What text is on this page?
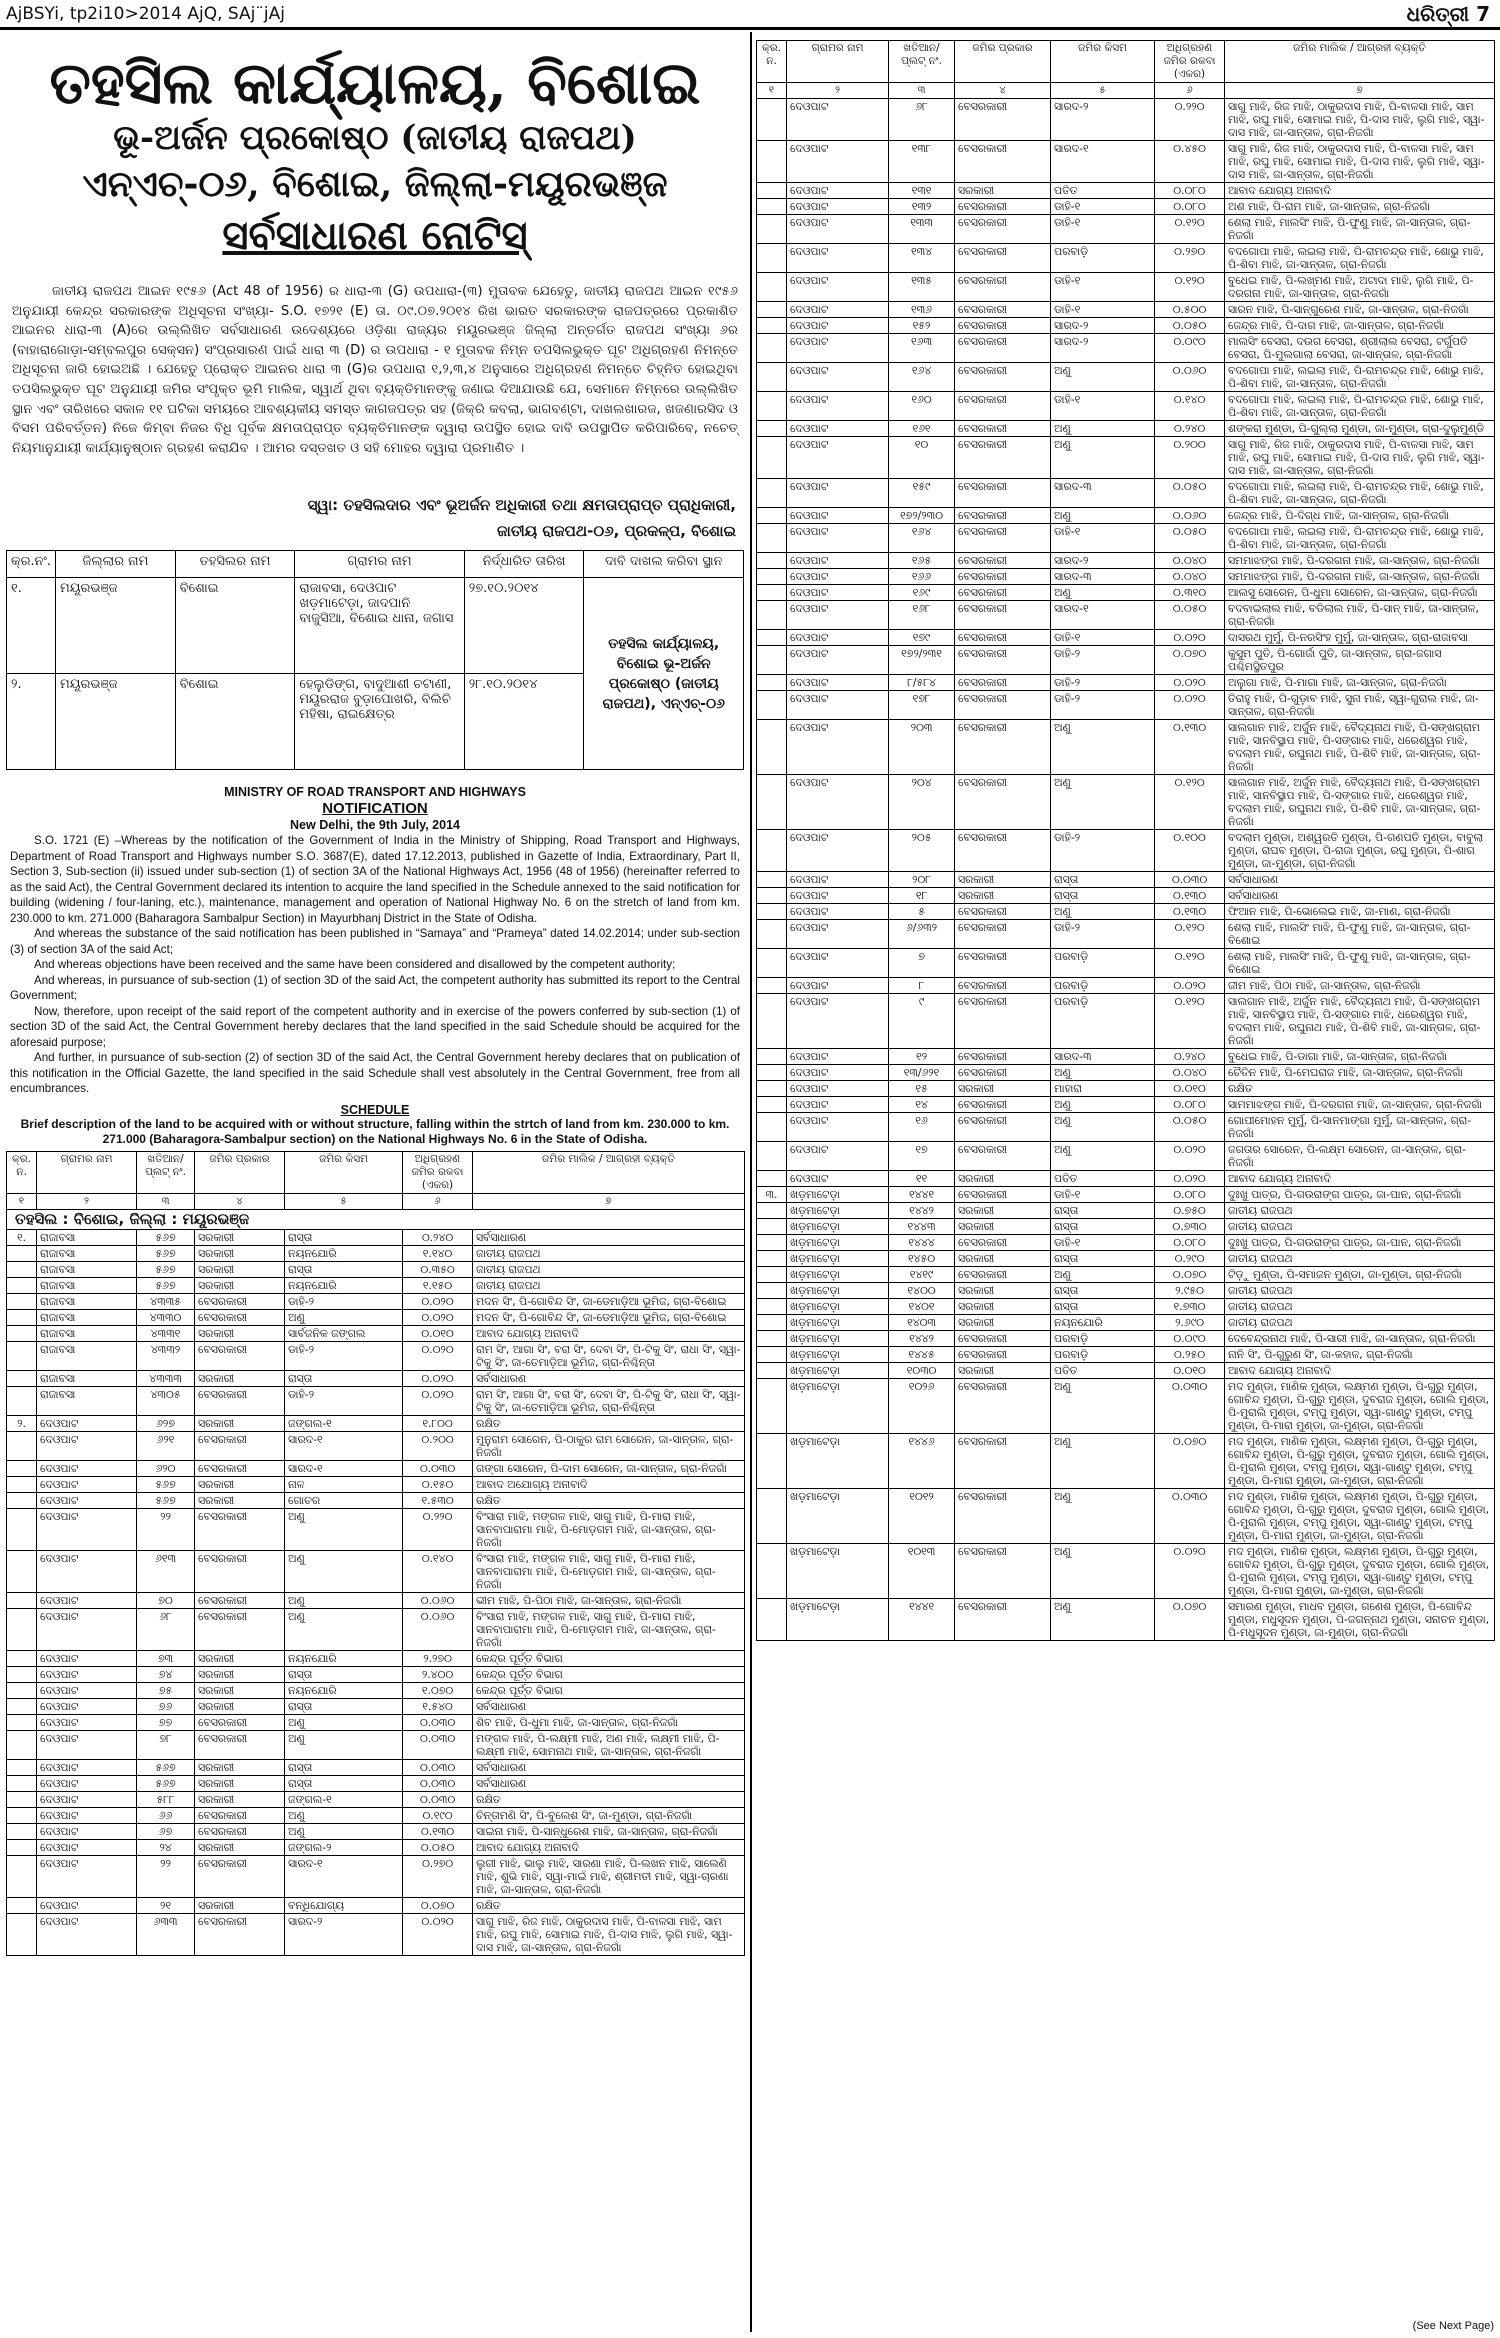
AjBSYi, tp2i10>2014 AjQ, SAj¨jAj	ଧରିତ୍ରୀ 7
ତହସିଲ କାର୍ଯ୍ୟାଳୟ, ବିଶୋଇ
ଭୂ-ଅର୍ଜନ ପ୍ରକୋଷ୍ଠ (ଜାତୀୟ ରାଜପଥ)
ଏନ୍‌ଏଚ୍‌-୦୬, ବିଶୋଇ, ଜିଲ୍ଲା-ମୟୂରଭଞ୍ଜ
ସର୍ବସାଧାରଣ ନୋଟିସ୍
ଜାତୀୟ ରାଜପଥ ଆଇନ ୧୯୫୬ (Act 48 of 1956) ର ଧାରା-୩ (G) ଉପଧାରା-(୩) ମୁତାବକ ଯେହେତୁ, ଜାତୀୟ ରାଜପଥ ଆଇନ ୧୯୫୬ ଅନୁଯାୟୀ କେନ୍ଦ୍ର ସରକାରଙ୍କ ଅଧିସୂଚନା ସଂଖ୍ୟା- S.O. ୧୭୨୧ (E) ତା. ୦୯.୦୭.୨୦୧୪ ରିଖ ଭାରତ ସରକାରଙ୍କ ରାଜପତ୍ରରେ ପ୍ରକାଶିତ ଆଇନର ଧାରା-୩ (A)ରେ ଉଲ୍ଲିଖିତ ସର୍ବସାଧାରଣ ଉଦେଶ୍ୟରେ ଓଡ଼ିଶା ରାଜ୍ୟର ମୟୂରଭଞ୍ଜ ଜିଲ୍ଲା ଅନ୍ତର୍ଗତ ରାଜପଥ ସଂଖ୍ୟା ୬ର (ବାହାରାଗୋଡ଼ା-ସମ୍ବଲପୁର ସେକ୍ସନ) ସଂପ୍ରସାରଣ ପାଇଁ ଧାରା ୩ (D) ର ଉପଧାରା - ୧ ମୁତାବକ ନିମ୍ନ ତପସିଲଭୁକ୍ତ ଘୂଟ ଅଧିଗ୍ରହଣ ନିମନ୍ତେ ଅଧିସୂଚନା ଜାରି ହୋଇଅଛି । ଯେହେତୁ ପ୍ରୋକ୍ତ ଆଇନର ଧାରା ୩ (G)ର ଉପଧାରା ୧,୨,୩,୪ ଅନୁସାରେ ଅଧିଗ୍ରହଣ ନିମନ୍ତେ ଚିହ୍ନିତ ହୋଇଥିବା ତପସିଲଭୁକ୍ତ ଘୂଟ ଅନୁଯାୟୀ ଜମିର ସଂପୃକ୍ତ ଭୂମି ମାଲିକ, ସ୍ୱାର୍ଥ ଥିବା ବ୍ୟକ୍ତିମାନଙ୍କୁ ଜଣାଇ ଦିଆଯାଉଛି ଯେ, ସେମାନେ ନିମ୍ନରେ ଉଲ୍ଲିଖିତ ସ୍ଥାନ ଏବଂ ତାରିଖରେ ସକାଳ ୧୧ ଘଟିକା ସମୟରେ ଆବଶ୍ୟକୀୟ ସମସ୍ତ କାଗଜପତ୍ର ସହ (ଜିକ୍ରି କବଲା, ଭାଗବଣ୍ଟା, ଦାଖଲଖାରଜ, ଖଜଣାରସିଦ ଓ ବିସମ ପରିବର୍ତ୍ତନ) ନିଜେ କିମ୍ବା ନିଜର ବିଧି ପୂର୍ବକ କ୍ଷମତାପ୍ରାପ୍ତ ବ୍ୟକ୍ତିମାନଙ୍କ ଦ୍ୱାରା ଉପସ୍ଥିତ ହୋଇ ଦାବି ଉପସ୍ଥାପିତ କରିପାରିବେ, ନଚେତ୍ ନିୟମାନୁଯାୟୀ କାର୍ଯ୍ୟାନୁଷ୍ଠାନ ଗ୍ରହଣ କରାଯିବ । ଆମର ଦସ୍ତଖତ ଓ ସହି ମୋହର ଦ୍ୱାରା ପ୍ରମାଣିତ ।
ସ୍ୱା: ତହସିଲଦାର ଏବଂ ଭୂଅର୍ଜନ ଅଧିକାରୀ ତଥା କ୍ଷମତାପ୍ରାପ୍ତ ପ୍ରାଧିକାରୀ,
ଜାତୀୟ ରାଜପଥ-୦୬, ପ୍ରକଳ୍ପ, ବିଶୋଇ
କ୍ର.ନଂ.	ଜିଲ୍ଲାର ନାମ	ତହସିଲର ନାମ	ଗ୍ରାମର ନାମ	ନିର୍ଦ୍ଧାରିତ ତାରିଖ	ଦାବି ଦାଖଲ କରିବା ସ୍ଥାନ
୧.	ମୟୂରଭଞ୍ଜ	ବିଶୋଇ	ରାଜାବସା, ଦେଓପାଟ ଖଡ଼ମାଟେଡ଼ା, ଜାଦପାନି ବାଜୁସିଆ, ବିଶୋଇ ଧାନା, ଜଗାସ	୨୭.୧୦.୨୦୧୪	ତହସିଲ କାର୍ଯ୍ୟାଳୟ, ବିଶୋଇ ଭୂ-ଅର୍ଜନ ପ୍ରକୋଷ୍ଠ (ଜାତୀୟ ରାଜପଥ), ଏନ୍‌ଏଚ୍‌-୦୬
୨.	ମୟୂରଭଞ୍ଜ	ବିଶୋଇ	ହେଲୁଡିଙ୍ଗ, ବାଦୁଆଶୀ ଚଟାଣୀ, ମୟୂରରାଜ ବୁଡ଼ାପୋଖରି, ବିଲିଚି ମହିଷା, ରାଇକ୍ଷେତ୍ର	୨୮.୧୦.୨୦୧୪	
MINISTRY OF ROAD TRANSPORT AND HIGHWAYS
NOTIFICATION
New Delhi, the 9th July, 2014

S.O. 1721 (E) –Whereas by the notification of the Government of India in the Ministry of Shipping, Road Transport and Highways, Department of Road Transport and Highways number S.O. 3687(E), dated 17.12.2013, published in Gazette of India, Extraordinary, Part II, Section 3, Sub-section (ii) issued under sub-section (1) of section 3A of the National Highways Act, 1956 (48 of 1956) (hereinafter referred to as the said Act), the Central Government declared its intention to acquire the land specified in the Schedule annexed to the said notification for building (widening / four-laning, etc.), maintenance, management and operation of National Highway No. 6 on the stretch of land from km. 230.000 to km. 271.000 (Baharagora Sambalpur Section) in Mayurbhanj District in the State of Odisha.

And whereas the substance of the said notification has been published in “Samaya” and “Prameya” dated 14.02.2014; under sub-section (3) of section 3A of the said Act;

And whereas objections have been received and the same have been considered and disallowed by the competent authority;

And whereas, in pursuance of sub-section (1) of section 3D of the said Act, the competent authority has submitted its report to the Central Government;

Now, therefore, upon receipt of the said report of the competent authority and in exercise of the powers conferred by sub-section (1) of section 3D of the said Act, the Central Government hereby declares that the land specified in the said Schedule should be acquired for the aforesaid purpose;

And further, in pursuance of sub-section (2) of section 3D of the said Act, the Central Government hereby declares that on publication of this notification in the Official Gazette, the land specified in the said Schedule shall vest absolutely in the Central Government, free from all encumbrances.

SCHEDULE
Brief description of the land to be acquired with or without structure, falling within the strtch of land from km. 230.000 to km. 271.000 (Baharagora-Sambalpur section) on the National Highways No. 6 in the State of Odisha.
କ୍ର. ନ.	ଗ୍ରାମର ନାମ	ଖତିଆନ/ ପ୍ଲଟ୍ ନଂ.	ଜମିର ପ୍ରକାର	ଜମିର କିସମ	ଅଧିଗ୍ରହଣ ଜମିର ରକବା (ଏକର)	ଜମିର ମାଲିକ / ଆଗ୍ରହୀ ବ୍ୟକ୍ତି
୧	୨	୩	୪	୫	୬	୭
ତହସିଲ : ବିଶୋଇ, ଜିଲ୍ଲା : ମୟୂରଭଞ୍ଜ						
୧.	ରାଜାବସା	୫୬୭	ସରକାରୀ	ରାସ୍ତା	୦.୨୪୦	ସର୍ବସାଧାରଣ
	ରାଜାବସା	୫୬୭	ସରକାରୀ	ନୟନଯୋରି	୧.୧୪୦	ଜାତୀୟ ରାଜପଥ
	ରାଜାବସା	୫୬୭	ସରକାରୀ	ରାସ୍ତା	୦.୩୫୦	ଜାତୀୟ ରାଜପଥ
	ରାଜାବସା	୫୬୭	ସରକାରୀ	ନୟନଯୋରି	୧.୧୫୦	ଜାତୀୟ ରାଜପଥ
	ରାଜାବସା	୪୩୩୫	ବେସରକାରୀ	ଡାହି-୨	୦.୦୨୦	ମଦନ ସିଂ, ପି-ଗୋବିନ୍ଦ ସିଂ, ଜା-ଡେମାଡ଼ିଆ ଭୂମିଜ, ଗ୍ରା-ବିଶୋଇ
	ରାଜାବସା	୪୩୩୦	ବେସରକାରୀ	ଅଣୁ	୦.୦୨୦	ମଦନ ସିଂ, ପି-ଗୋବିନ୍ଦ ସିଂ, ଜା-ଡେମାଡ଼ିଆ ଭୂମିଜ, ଗ୍ରା-ବିଶୋଇ
	ରାଜାବସା	୪୩୩୧	ସରକାରୀ	ସାର୍ବଜନିକ ଜଙ୍ଗଲ	୦.୦୧୦	ଆବାଦ ଯୋଗ୍ୟ ଅନାବାଦି
	ରାଜାବସା	୪୩୩୨	ବେସରକାରୀ	ଡାହି-୨	୦.୦୨୦	ରାମ ସିଂ, ଆଗା ସିଂ, ବରା ସିଂ, ଦେବା ସିଂ, ପି-ଟିକୁ ସିଂ, ରାଧା ସିଂ, ସ୍ୱା-ଟିକୁ ସିଂ, ଜା-ତେମାଡ଼ିଆ ଭୂମିଜ, ଗ୍ରା-ନିଶ୍ଚିନ୍ତା
	ରାଜାବସା	୪୩୩୩	ସରକାରୀ	ରାସ୍ତା	୦.୦୨୦	ସର୍ବସାଧାରଣ
	ରାଜାବସା	୪୩୦୫	ବେସରକାରୀ	ଡାହି-୨	୦.୦୨୦	ରାମ ସିଂ, ଆଗା ସିଂ, ବରା ସିଂ, ଦେବା ସିଂ, ପି-ଟିକୁ ସିଂ, ରାଧା ସିଂ, ସ୍ୱା-ଟିକୁ ସିଂ, ଜା-ତେମାଡ଼ିଆ ଭୂମିଜ, ଗ୍ରା-ନିଶ୍ଚିନ୍ତା
୨.	ଦେଓପାଟ	୬୨୭	ସରକାରୀ	ଜଙ୍ଗଲ-୧	୧.୮୦୦	ରକ୍ଷିତ
	ଦେଓପାଟ	୬୨୧	ବେସରକାରୀ	ସାରଦ-୧	୦.୨୦୦	ମୁନୁରାମ ସୋରେନ, ପି-ଠାକୁର ରାମ ସୋରେନ, ଜା-ସାନ୍ତାଳ, ଗ୍ରା-ନିଜଗାଁ
	ଦେଓପାଟ	୬୨୦	ବେସରକାରୀ	ସାରଦ-୧	୦.୦୩୦	ଗଙ୍ଗା ସୋରେନ, ପି-ଦାମ ସୋରେନ, ଜା-ସାନ୍ତାଳ, ଗ୍ରା-ନିଜଗାଁ
	ଦେଓପାଟ	୫୬୭	ସରକାରୀ	ନାଳ	୦.୧୫୦	ଆବାଦ ଅଯୋଗ୍ୟ ଅନାବାଦି
	ଦେଓପାଟ	୫୬୭	ସରକାରୀ	ଗୋଚର	୧.୫୩୦	ରକ୍ଷିତ
	ଦେଓପାଟ	୨୨	ବେସରକାରୀ	ଅଣୁ	୦.୨୨୦	ବିଂସାରା ମାଝି, ମଙ୍ଗଳ ମାଝି, ସାଗୁ ମାଝି, ପି-ମାରା ମାଝି, ସାନବାପାରାମା ମାଝି, ପି-ମୋଡ଼ଗମ ମାଝି, ଜା-ସାନ୍ତାଳ, ଗ୍ରା-ନିଜଗାଁ
	ଦେଓପାଟ	୬୧୩	ବେସରକାରୀ	ଅଣୁ	୦.୧୪୦	ବିଂସାରା ମାଝି, ମଙ୍ଗଳ ମାଝି, ସାଗୁ ମାଝି, ପି-ମାରା ମାଝି, ସାନବାପାରାମା ମାଝି, ପି-ମୋଡ଼ଗମ ମାଝି, ଜା-ସାନ୍ତାଳ, ଗ୍ରା-ନିଜଗାଁ
	ଦେଓପାଟ	୭୦	ବେସରକାରୀ	ଅଣୁ	୦.୦୬୦	ଭୀମ ମାଝି, ପି-ପିଠା ମାଝି, ଜା-ସାନ୍ତାଳ, ଗ୍ରା-ନିଜଗାଁ
	ଦେଓପାଟ	୬୮	ବେସରକାରୀ	ଅଣୁ	୦.୦୬୦	ବିଂସାରା ମାଝି, ମଙ୍ଗଳ ମାଝି, ସାଗୁ ମାଝି, ପି-ମାରା ମାଝି, ସାନବାପାରାମା ମାଝି, ପି-ମୋଡ଼ଗମ ମାଝି, ଜା-ସାନ୍ତାଳ, ଗ୍ରା-ନିଜଗାଁ
	ଦେଓପାଟ	୭୩	ସରକାରୀ	ନୟନଯୋରି	୨.୨୭୦	କେନ୍ଦ୍ର ପୂର୍ତ୍ତ ବିଭାଗ
	ଦେଓପାଟ	୭୪	ସରକାରୀ	ରାସ୍ତା	୨.୪୦୦	କେନ୍ଦ୍ର ପୂର୍ତ୍ତ ବିଭାଗ
	ଦେଓପାଟ	୭୫	ସରକାରୀ	ନୟନଯୋରି	୧.୦୭୦	କେନ୍ଦ୍ର ପୂର୍ତ୍ତ ବିଭାଗ
	ଦେଓପାଟ	୭୬	ସରକାରୀ	ରାସ୍ତା	୧.୫୪୦	ସର୍ବସାଧାରଣ
	ଦେଓପାଟ	୭୭	ବେସରକାରୀ	ଅଣୁ	୦.୦୩୦	ଶିବ ମାଝି, ପି-ଧୁମା ମାଝି, ଜା-ସାନ୍ତାଳ, ଗ୍ରା-ନିଜଗାଁ
	ଦେଓପାଟ	୭୮	ବେସରକାରୀ	ଅଣୁ	୦.୦୩୦	ମଙ୍ଗଳ ମାଝି, ପି-ଲକ୍ଷ୍ମୀ ମାଝି, ଅଣ ମାଝି, ଲକ୍ଷ୍ମୀ ମାଝି, ପି-ଲକ୍ଷ୍ମୀ ମାଝି, ସୋମନାଥ ମାଝି, ଜା-ସାନ୍ତାଳ, ଗ୍ରା-ନିଜଗାଁ
	ଦେଓପାଟ	୫୬୭	ସରକାରୀ	ରାସ୍ତା	୦.୦୩୦	ସର୍ବସାଧାରଣ
	ଦେଓପାଟ	୫୬୭	ସରକାରୀ	ରାସ୍ତା	୦.୦୩୦	ସର୍ବସାଧାରଣ
	ଦେଓପାଟ	୫୮୮	ସରକାରୀ	ଜଙ୍ଗଲ-୧	୦.୦୩୦	ରକ୍ଷିତ
	ଦେଓପାଟ	୬୬	ବେସରକାରୀ	ଅଣୁ	୦.୧୯୦	ଚିନ୍ତାମଣି ସିଂ, ପି-ବୁଲେଶ ସିଂ, ଜା-ମୁଣ୍ଡା, ଗ୍ରା-ନିଜଗାଁ
	ଦେଓପାଟ	୬୭	ବେସରକାରୀ	ଅଣୁ	୦.୧୩୦	ସାଇନା ମାଝି, ପି-ସାନ୍‌ଧୁରେଶ ମାଝି, ଜା-ସାନ୍ତାଳ, ଗ୍ରା-ନିଜଗାଁ
	ଦେଓପାଟ	୨୪	ସରକାରୀ	ଜଙ୍ଗଲ-୨	୦.୦୫୦	ଆବାଦ ଯୋଗ୍ୟ ଅନାବାଦି
	ଦେଓପାଟ	୨୨	ବେସରକାରୀ	ସାରଦ-୧	୦.୨୭୦	ଲୁଗୀ ମାଝି, ଭାଲୁ ମାଝି, ସାରଣା ମାଝି, ପି-ଲଖନ ମାଝି, ସାଲେଣି ମାଝି, ଶୁଭି ମାଝି, ସ୍ୱା-ମାଇଁ ମାଝି, ଶ୍ରୀମତୀ ମାଝି, ସ୍ୱା-ଚାରଣା ମାଝି, ଜା-ସାନ୍ତାଳ, ଗ୍ରା-ନିଜଗାଁ
	ଦେଓପାଟ	୨୧	ସରକାରୀ	ବନ୍ଧିଯୋଗ୍ୟ	୦.୦୭୦	ରକ୍ଷିତ
	ଦେଓପାଟ	୬୩୩	ବେସରକାରୀ	ସାରଦ-୨	୦.୦୨୦	ସାଗୁ ମାଝି, ରିଜ ମାଝି, ଠାକୁରଦାସ ମାଝି, ପି-ବାଳସା ମାଝି, ସାମ ମାଝି, ରଘୁ ମାଝି, ସୋମାଇ ମାଝି, ପି-ଦାସ ମାଝି, ଲୁଗି ମାଝି, ସ୍ୱା-ଦାସ ମାଝି, ଜା-ସାନ୍ତାଳ, ଗ୍ରା-ନିଜଗାଁ
କ୍ର. ନ.	ଗ୍ରାମର ନାମ	ଖତିଆନ/ ପ୍ଲଟ୍ ନଂ.	ଜମିର ପ୍ରକାର	ଜମିର କିସମ	ଅଧିଗ୍ରହଣ ଜମିର ରକବା (ଏକର)	ଜମିର ମାଲିକ / ଆଗ୍ରହୀ ବ୍ୟକ୍ତି
୧	୨	୩	୪	୫	୬	୭
	ଦେଓପାଟ	୬୮	ବେସରକାରୀ	ସାରଦ-୨	୦.୨୨୦	ସାଗୁ ମାଝି, ରିଜ ମାଝି, ଠାକୁରଦାସ ମାଝି, ପି-ବାଳସା ମାଝି, ସାମ ମାଝି, ରଘୁ ମାଝି, ସୋମାଇ ମାଝି, ପି-ଦାସ ମାଝି, ଲୁଗି ମାଝି, ସ୍ୱା-ଦାସ ମାଝି, ଜା-ସାନ୍ତାଳ, ଗ୍ରା-ନିଜଗାଁ
	ଦେଓପାଟ	୧୩୮	ବେସରକାରୀ	ସାରଦ-୧	୦.୪୫୦	ସାଗୁ ମାଝି, ରିଜ ମାଝି, ଠାକୁରଦାସ ମାଝି, ପି-ବାଳସା ମାଝି, ସାମ ମାଝି, ରଘୁ ମାଝି, ସୋମାଇ ମାଝି, ପି-ଦାସ ମାଝି, ଲୁଗି ମାଝି, ସ୍ୱା-ଦାସ ମାଝି, ଜା-ସାନ୍ତାଳ, ଗ୍ରା-ନିଜଗାଁ
	ଦେଓପାଟ	୧୩୧	ସରକାରୀ	ପତିତ	୦.୦୮୦	ଆବାଦ ଯୋଗ୍ୟ ଅନାବାଦି
	ଦେଓପାଟ	୧୩୨	ବେସରକାରୀ	ଡାହି-୧	୦.୦୮୦	ଅଶ ମାଝି, ପି-ରାମ ମାଝି, ଜା-ସାନ୍ତାଳ, ଗ୍ରା-ନିଜଗାଁ
	ଦେଓପାଟ	୧୩୩	ବେସରକାରୀ	ଡାହି-୧	୦.୧୨୦	ଶେଲା ମାଝି, ମାଲସିଂ ମାଝି, ପି-ଫୁଣୁ ମାଝି, ଜା-ସାନ୍ତାଳ, ଗ୍ରା-ନିଜଗାଁ
	ଦେଓପାଟ	୧୩୪	ବେସରକାରୀ	ପରବାଡ଼ି	୦.୨୭୦	ବଦଗୋପା ମାଝି, ଲଇଲା ମାଝି, ପି-ରାମଚନ୍ଦ୍ର ମାଝି, ଶୋଭୁ ମାଝି, ପି-ଶିବା ମାଝି, ଜା-ସାନ୍ତାଳ, ଗ୍ରା-ନିଜଗାଁ
	ଦେଓପାଟ	୧୩୫	ବେସରକାରୀ	ଡାହି-୧	୦.୧୨୦	ବୁଧେଇ ମାଝି, ପି-ଲଖ୍ମଣ ମାଝି, ଅଟାଦା ମାଝି, ଲୁଗି ମାଝି, ପି-ଦରଗନା ମାଝି, ଜା-ସାନ୍ତାଳ, ଗ୍ରା-ନିଜଗାଁ
	ଦେଓପାଟ	୧୩୬	ବେସରକାରୀ	ଡାହି-୧	୦.୫୦୦	ସାରନ ମାଝି, ପି-ସାନ୍‌ଗୁରେଶ ମାଝି, ଜା-ସାନ୍ତାଳ, ଗ୍ରା-ନିଜଗାଁ
	ଦେଓପାଟ	୧୫୨	ବେସରକାରୀ	ସାରଦ-୨	୦.୦୫୦	ଜେନ୍ଦ୍ର ମାଝି, ପି-ଦାଗ ମାଝି, ଜା-ସାନ୍ତାଳ, ଗ୍ରା-ନିଜଗାଁ
	ଦେଓପାଟ	୧୬୩	ବେସରକାରୀ	ସାରଦ-୨	୦.୦୯୦	ମାଲସିଂ ବେସରା, ଦଉଗ ବେସରା, ଶ୍ରୀଲାଲ ବେସରା, ଟର୍ଗୁପତି ବେସରା, ପି-ମୁଲଗାଲା ବେସରା, ଜା-ସାନ୍ତାଳ, ଗ୍ରା-ନିଜଗାଁ
	ଦେଓପାଟ	୧୬୪	ବେସରକାରୀ	ଅଣୁ	୦.୦୬୦	ବଦଗୋପା ମାଝି, ଲଇଲା ମାଝି, ପି-ରାମଚନ୍ଦ୍ର ମାଝି, ଶୋଭୁ ମାଝି, ପି-ଶିବା ମାଝି, ଜା-ସାନ୍ତାଳ, ଗ୍ରା-ନିଜଗାଁ
	ଦେଓପାଟ	୧୬୦	ବେସରକାରୀ	ଡାହି-୧	୦.୧୪୦	ବଦଗୋପା ମାଝି, ଲଇଲା ମାଝି, ପି-ରାମଚନ୍ଦ୍ର ମାଝି, ଶୋଭୁ ମାଝି, ପି-ଶିବା ମାଝି, ଜା-ସାନ୍ତାଳ, ଗ୍ରା-ନିଜଗାଁ
	ଦେଓପାଟ	୧୬୧	ବେସରକାରୀ	ଅଣୁ	୦.୨୪୦	ଶଙ୍କରା ମୁଣ୍ଡା, ପି-ଗୁଲ୍ଲା ମୁଣ୍ଡା, ଜା-ମୁଣ୍ଡା, ଗ୍ରା-ଦୁଲୁମୁଣ୍ଡି
	ଦେଓପାଟ	୧୦	ବେସରକାରୀ	ଅଣୁ	୦.୨୦୦	ସାଗୁ ମାଝି, ରିଜ ମାଝି, ଠାକୁରଦାସ ମାଝି, ପି-ବାଳସା ମାଝି, ସାମ ମାଝି, ରଘୁ ମାଝି, ସୋମାଇ ମାଝି, ପି-ଦାସ ମାଝି, ଲୁଗି ମାଝି, ସ୍ୱା-ଦାସ ମାଝି, ଜା-ସାନ୍ତାଳ, ଗ୍ରା-ନିଜଗାଁ
	ଦେଓପାଟ	୧୫୯	ବେସରକାରୀ	ସାରଦ-୩	୦.୦୫୦	ବଦଗୋପା ମାଝି, ଲଇଲା ମାଝି, ପି-ରାମଚନ୍ଦ୍ର ମାଝି, ଶୋଭୁ ମାଝି, ପି-ଶିବା ମାଝି, ଜା-ସାନ୍ତାଳ, ଗ୍ରା-ନିଜଗାଁ
	ଦେଓପାଟ	୧୭୨/୨୩୦	ବେସରକାରୀ	ଅଣୁ	୦.୦୬୦	ଜେନ୍ଦ୍ର ମାଝି, ପି-ଦିଗ୍ଧ ମାଝି, ଜା-ସାନ୍ତାଳ, ଗ୍ରା-ନିଜଗାଁ
	ଦେଓପାଟ	୧୬୪	ବେସରକାରୀ	ଡାହି-୧	୦.୦୫୦	ବଦଗୋପା ମାଝି, ଲଇଲା ମାଝି, ପି-ରାମଚନ୍ଦ୍ର ମାଝି, ଶୋଭୁ ମାଝି, ପି-ଶିବା ମାଝି, ଜା-ସାନ୍ତାଳ, ଗ୍ରା-ନିଜଗାଁ
	ଦେଓପାଟ	୧୬୫	ବେସରକାରୀ	ସାରଦ-୨	୦.୦୪୦	ସମମାଝଙ୍ଗ ମାଝି, ପି-ଦରଗନା ମାଝି, ଜା-ସାନ୍ତାଳ, ଗ୍ରା-ନିଜଗାଁ
	ଦେଓପାଟ	୧୬୬	ବେସରକାରୀ	ସାରଦ-୩	୦.୦୪୦	ସମମାଝଙ୍ଗ ମାଝି, ପି-ଦରଗନା ମାଝି, ଜା-ସାନ୍ତାଳ, ଗ୍ରା-ନିଜଗାଁ
	ଦେଓପାଟ	୧୬୯	ବେସରକାରୀ	ଅଣୁ	୦.୩୧୦	ଆଲସୁ ସୋରେନ, ପି-ଧୁମା ସୋରେନ, ଜା-ସାନ୍ତାଳ, ଗ୍ରା-ନିଜଗାଁ
	ଦେଓପାଟ	୧୬୮	ବେସରକାରୀ	ସାରଦ-୧	୦.୦୫୦	ବଦବାଇଲାଲ ମାଝି, ବଡିଲାଲ ମାଝି, ପି-ସାନ୍‌ ମାଝି, ଜା-ସାନ୍ତାଳ, ଗ୍ରା-ନିଜଗାଁ
	ଦେଓପାଟ	୧୭୯	ବେସରକାରୀ	ଡାହି-୧	୦.୦୨୦	ଦାସରଥ ମୁର୍ମୁ, ପି-ନରସିଂହ ମୁର୍ମୁ, ଜା-ସାନ୍ତାଳ, ଗ୍ରା-ରାଜାବସା
	ଦେଓପାଟ	୧୭୨/୨୩୧	ବେସରକାରୀ	ଡାହି-୨	୦.୦୭୦	କୁସୁମ ପୁତି, ପି-ଗୋର୍ଜା ପୁତି, ଜା-ସାନ୍ତାଳ, ଗ୍ରା-ଜଗାସ ପଶ୍ଚିମସ୍ଥିତପୁର
	ଦେଓପାଟ	୮/୫୮୪	ବେସରକାରୀ	ଡାହି-୨	୦.୦୨୦	ଅଲୁଗା ମାଝି, ପି-ମାଗା ମାଝି, ଜା-ସାନ୍ତାଳ, ଗ୍ରା-ନିଜଗାଁ
	ଦେଓପାଟ	୧୭୮	ବେସରକାରୀ	ଡାହି-୨	୦.୦୨୦	ତିରାହୁ ମାଝି, ପି-ଗୁଡ଼ାବ ମାଝି, ସୁନା ମାଝି, ସ୍ୱା-ଗୁରାଲ ମାଝି, ଜା-ସାନ୍ତାଳ, ଗ୍ରା-ନିଜଗାଁ
	ଦେଓପାଟ	୨୦୩	ବେସରକାରୀ	ଅଣୁ	୦.୧୩୦	ସାଲଗାନ ମାଝି, ଅର୍ଜୁନ ମାଝି, ବୈଦ୍ୟନାଥ ମାଝି, ପି-ସଙ୍ଖଗ୍ରାମ ମାଝି, ସାନବିସ୍ଥାପ ମାଝି, ପି-ସଙ୍ଗାର ମାଝି, ଧରେଶ୍ୱର ମାଝି, ବଦଲାମ ମାଝି, ରଘୁନାଥ ମାଝି, ପି-ଶିବି ମାଝି, ଜା-ସାନ୍ତାଳ, ଗ୍ରା-ନିଜଗାଁ
	ଦେଓପାଟ	୨୦୪	ବେସରକାରୀ	ଅଣୁ	୦.୧୨୦	ସାଲଗାନ ମାଝି, ଅର୍ଜୁନ ମାଝି, ବୈଦ୍ୟନାଥ ମାଝି, ପି-ସଙ୍ଖଗ୍ରାମ ମାଝି, ସାନବିସ୍ଥାପ ମାଝି, ପି-ସଙ୍ଗାର ମାଝି, ଧରେଶ୍ୱର ମାଝି, ବଦଲାମ ମାଝି, ରଘୁନାଥ ମାଝି, ପି-ଶିବି ମାଝି, ଜା-ସାନ୍ତାଳ, ଗ୍ରା-ନିଜଗାଁ
	ଦେଓପାଟ	୨୦୫	ବେସରକାରୀ	ଡାହି-୨	୦.୧୦୦	ବଦଲାମ ମୁଣ୍ଡା, ଅଶ୍ୱରତି ମୁଣ୍ଡା, ପି-ଗଣପତି ମୁଣ୍ଡା, ବାବୁଲା ମୁଣ୍ଡା, ରାଘବ ମୁଣ୍ଡା, ପି-ରାଜା ମୁଣ୍ଡା, ରଘୁ ମୁଣ୍ଡା, ପି-ଶାଗ ମୁଣ୍ଡା, ଜା-ମୁଣ୍ଡା, ଗ୍ରା-ନିଜଗାଁ
	ଦେଓପାଟ	୨୦୮	ସରକାରୀ	ରାସ୍ତା	୦.୦୩୦	ସର୍ବସାଧାରଣ
	ଦେଓପାଟ	୧୮	ସରକାରୀ	ରାସ୍ତା	୦.୧୩୦	ସର୍ବସାଧାରଣ
	ଦେଓପାଟ	୫	ବେସରକାରୀ	ଅଣୁ	୦.୧୩୦	ଫିଆନ ମାଝି, ପି-ଭୋଲେଇ ମାଝି, ଜା-ମାଣ, ଗ୍ରା-ନିଜଗାଁ
	ଦେଓପାଟ	୬/୬୩୨	ବେସରକାରୀ	ଡାହି-୨	୦.୧୨୦	ଶେଲା ମାଝି, ମାଲସିଂ ମାଝି, ପି-ଫୁଣୁ ମାଝି, ଜା-ସାନ୍ତାଳ, ଗ୍ରା-ବିଶୋଇ
	ଦେଓପାଟ	୭	ବେସରକାରୀ	ପରବାଡ଼ି	୦.୧୨୦	ଶେଲା ମାଝି, ମାଲସିଂ ମାଝି, ପି-ଫୁଣୁ ମାଝି, ଜା-ସାନ୍ତାଳ, ଗ୍ରା-ବିଶୋଇ
	ଦେଓପାଟ	୮	ବେସରକାରୀ	ପରବାଡ଼ି	୦.୦୨୦	ଜୀମ ମାଝି, ପିଠା ମାଝି, ଜା-ସାନ୍ତାଳ, ଗ୍ରା-ନିଜଗାଁ
	ଦେଓପାଟ	୯	ବେସରକାରୀ	ପରବାଡ଼ି	୦.୧୨୦	ସାଲଗାନ ମାଝି, ଅର୍ଜୁନ ମାଝି, ବୈଦ୍ୟନାଥ ମାଝି, ପି-ସଙ୍ଖଗ୍ରାମ ମାଝି, ସାନବିସ୍ଥାପ ମାଝି, ପି-ସଙ୍ଗାର ମାଝି, ଧରେଶ୍ୱର ମାଝି, ବଦଲାମ ମାଝି, ରଘୁନାଥ ମାଝି, ପି-ଶିବି ମାଝି, ଜା-ସାନ୍ତାଳ, ଗ୍ରା-ନିଜଗାଁ
	ଦେଓପାଟ	୧୨	ବେସରକାରୀ	ସାରଦ-୩	୦.୨୪୦	ବୁଧେଇ ମାଝି, ପି-ଡାଗା ମାଝି, ଜା-ସାନ୍ତାଳ, ଗ୍ରା-ନିଜଗାଁ
	ଦେଓପାଟ	୧୩/୬୨୧	ବେସରକାରୀ	ଅଣୁ	୦.୦୪୦	ଚୈତିନ ମାଝି, ପି-ମେଘରାଜ ମାଝି, ଜା-ସାନ୍ତାଳ, ଗ୍ରା-ନିଜଗାଁ
	ଦେଓପାଟ	୧୫	ସରକାରୀ	ମାହାରା	୦.୦୧୦	ରକ୍ଷିତ
	ଦେଓପାଟ	୧୪	ବେସରକାରୀ	ଅଣୁ	୦.୦୮୦	ସାମମାଝଙ୍ଗ ମାଝି, ପି-ଦରଗନା ମାଝି, ଜା-ସାନ୍ତାଳ, ଗ୍ରା-ନିଜଗାଁ
	ଦେଓପାଟ	୧୬	ବେସରକାରୀ	ଅଣୁ	୦.୦୫୦	ଗୋପୀମୋହନ ମୁର୍ମୁ, ପି-ସାନମାଙ୍ଗା ମୁର୍ମୁ, ଜା-ସାନ୍ତାଳ, ଗ୍ରା-ନିଜଗାଁ
	ଦେଓପାଟ	୧୭	ବେସରକାରୀ	ଅଣୁ	୦.୦୨୦	ଜଗତାର ସୋରେନ, ପି-ଲକ୍ଷ୍ମ ସୋରେନ, ଜା-ସାନ୍ତାଳ, ଗ୍ରା-ନିଜଗାଁ
	ଦେଓପାଟ	୧୧	ସରକାରୀ	ପତିତ	୦.୦୨୦	ଆବାଦ ଯୋଗ୍ୟ ଅନାବାଦି
୩.	ଖଡ଼ମାଟେଡ଼ା	୧୪୪୧	ବେସରକାରୀ	ଡାହି-୧	୦.୦୮୦	ଦୁଃଖୁ ପାତ୍ର, ପି-ଗଉରାଙ୍ଗ ପାତ୍ର, ଜା-ପାନ, ଗ୍ରା-ନିଜଗାଁ
	ଖଡ଼ମାଟେଡ଼ା	୧୪୪୨	ସରକାରୀ	ରାସ୍ତା	୦.୭୫୦	ଜାତୀୟ ରାଜପଥ
	ଖଡ଼ମାଟେଡ଼ା	୧୪୪୩	ସରକାରୀ	ରାସ୍ତା	୦.୭୩୦	ଜାତୀୟ ରାଜପଥ
	ଖଡ଼ମାଟେଡ଼ା	୧୪୪୪	ବେସରକାରୀ	ଡାହି-୧	୦.୦୮୦	ଦୁଃଖୁ ପାତ୍ର, ପି-ଗଉରାଙ୍ଗ ପାତ୍ର, ଜା-ପାନ, ଗ୍ରା-ନିଜଗାଁ
	ଖଡ଼ମାଟେଡ଼ା	୧୪୫୦	ସରକାରୀ	ରାସ୍ତା	୦.୨୯୦	ଜାତୀୟ ରାଜପଥ
	ଖଡ଼ମାଟେଡ଼ା	୧୪୧୯	ବେସରକାରୀ	ଅଣୁ	୦.୦୭୦	ଟିଡ଼ୁ ମୁଣ୍ଡା, ପି-ସମାଜନ ମୁଣ୍ଡା, ଜା-ମୁଣ୍ଡା, ଗ୍ରା-ନିଜଗାଁ
	ଖଡ଼ମାଟେଡ଼ା	୧୪୦୦	ସରକାରୀ	ରାସ୍ତା	୨.୯୫୦	ଜାତୀୟ ରାଜପଥ
	ଖଡ଼ମାଟେଡ଼ା	୧୪୦୧	ସରକାରୀ	ରାସ୍ତା	୧.୭୩୦	ଜାତୀୟ ରାଜପଥ
	ଖଡ଼ମାଟେଡ଼ା	୧୪୦୩	ସରକାରୀ	ନୟନଯୋରି	୨.୬୯୦	ଜାତୀୟ ରାଜପଥ
	ଖଡ଼ମାଟେଡ଼ା	୧୪୪୨	ବେସରକାରୀ	ପରବାଡ଼ି	୦.୦୯୦	ଦେବେନ୍ଦ୍ରନାଥ ମାଝି, ପି-ସାରୀ ମାଝି, ଜା-ସାନ୍ତାଳ, ଗ୍ରା-ନିଜଗାଁ
	ଖଡ଼ମାଟେଡ଼ା	୧୪୪୫	ବେସରକାରୀ	ପରବାଡ଼ି	୦.୨୫୦	ନାନି ସିଂ, ପି-ଗୁରୁଣ ସିଂ, ଜା-କହାଳ, ଗ୍ରା-ନିଜଗାଁ
	ଖଡ଼ମାଟେଡ଼ା	୧୦୩୦	ସରକାରୀ	ପତିତ	୦.୦୧୦	ଆବାଦ ଯୋଗ୍ୟ ଅନାବାଦି
	ଖଡ଼ମାଟେଡ଼ା	୧୦୨୬	ବେସରକାରୀ	ଅଣୁ	୦.୦୩୦	ମଦ ମୁଣ୍ଡା, ମାଣିକ ମୁଣ୍ଡା, ଲକ୍ଷ୍ମଣ ମୁଣ୍ଡା, ପି-ଗୁରୁ ମୁଣ୍ଡା, ଗୋବିନ୍ଦ ମୁଣ୍ଡା, ପି-ଗୁରୁ ମୁଣ୍ଡା, ଦୁବରାଜ ମୁଣ୍ଡା, ଗୋଲି ମୁଣ୍ଡା, ପି-ମୁରାଲି ମୁଣ୍ଡା, ଟମ୍ପୁ ମୁଣ୍ଡା, ସ୍ୱା-ଗାଣ୍ଟୁ ମୁଣ୍ଡା, ଟମ୍ପୁ ମୁଣ୍ଡା, ପି-ମାରା ମୁଣ୍ଡା, ଜା-ମୁଣ୍ଡା, ଗ୍ରା-ନିଜଗାଁ
	ଖଡ଼ମାଟେଡ଼ା	୧୪୪୬	ବେସରକାରୀ	ଅଣୁ	୦.୦୭୦	ମଦ ମୁଣ୍ଡା, ମାଣିକ ମୁଣ୍ଡା, ଲକ୍ଷ୍ମଣ ମୁଣ୍ଡା, ପି-ଗୁରୁ ମୁଣ୍ଡା, ଗୋବିନ୍ଦ ମୁଣ୍ଡା, ପି-ଗୁରୁ ମୁଣ୍ଡା, ଦୁବରାଜ ମୁଣ୍ଡା, ଗୋଲି ମୁଣ୍ଡା, ପି-ମୁରାଲି ମୁଣ୍ଡା, ଟମ୍ପୁ ମୁଣ୍ଡା, ସ୍ୱା-ଗାଣ୍ଟୁ ମୁଣ୍ଡା, ଟମ୍ପୁ ମୁଣ୍ଡା, ପି-ମାରା ମୁଣ୍ଡା, ଜା-ମୁଣ୍ଡା, ଗ୍ରା-ନିଜଗାଁ
	ଖଡ଼ମାଟେଡ଼ା	୧୦୧୨	ବେସରକାରୀ	ଅଣୁ	୦.୦୩୦	ମଦ ମୁଣ୍ଡା, ମାଣିକ ମୁଣ୍ଡା, ଲକ୍ଷ୍ମଣ ମୁଣ୍ଡା, ପି-ଗୁରୁ ମୁଣ୍ଡା, ଗୋବିନ୍ଦ ମୁଣ୍ଡା, ପି-ଗୁରୁ ମୁଣ୍ଡା, ଦୁବରାଜ ମୁଣ୍ଡା, ଗୋଲି ମୁଣ୍ଡା, ପି-ମୁରାଲି ମୁଣ୍ଡା, ଟମ୍ପୁ ମୁଣ୍ଡା, ସ୍ୱା-ଗାଣ୍ଟୁ ମୁଣ୍ଡା, ଟମ୍ପୁ ମୁଣ୍ଡା, ପି-ମାରା ମୁଣ୍ଡା, ଜା-ମୁଣ୍ଡା, ଗ୍ରା-ନିଜଗାଁ
	ଖଡ଼ମାଟେଡ଼ା	୧୦୧୩	ବେସରକାରୀ	ଅଣୁ	୦.୦୨୦	ମଦ ମୁଣ୍ଡା, ମାଣିକ ମୁଣ୍ଡା, ଲକ୍ଷ୍ମଣ ମୁଣ୍ଡା, ପି-ଗୁରୁ ମୁଣ୍ଡା, ଗୋବିନ୍ଦ ମୁଣ୍ଡା, ପି-ଗୁରୁ ମୁଣ୍ଡା, ଦୁବରାଜ ମୁଣ୍ଡା, ଗୋଲି ମୁଣ୍ଡା, ପି-ମୁରାଲି ମୁଣ୍ଡା, ଟମ୍ପୁ ମୁଣ୍ଡା, ସ୍ୱା-ଗାଣ୍ଟୁ ମୁଣ୍ଡା, ଟମ୍ପୁ ମୁଣ୍ଡା, ପି-ମାରା ମୁଣ୍ଡା, ଜା-ମୁଣ୍ଡା, ଗ୍ରା-ନିଜଗାଁ
	ଖଡ଼ମାଟେଡ଼ା	୧୪୪୧	ବେସରକାରୀ	ଅଣୁ	୦.୦୭୦	ସମାରଣ ମୁଣ୍ଡା, ମାଧବ ମୁଣ୍ଡା, ଗଣେଶ ମୁଣ୍ଡା, ପି-ଗୋବିନ୍ଦ ମୁଣ୍ଡା, ମଧୁସୂଦନ ମୁଣ୍ଡା, ପି-ଜଗନ୍ନାଥ ମୁଣ୍ଡା, ସନାତନ ମୁଣ୍ଡା, ପି-ମଧୁସୂଦନ ମୁଣ୍ଡା, ଜା-ମୁଣ୍ଡା, ଗ୍ରା-ନିଜଗାଁ
(See Next Page)
